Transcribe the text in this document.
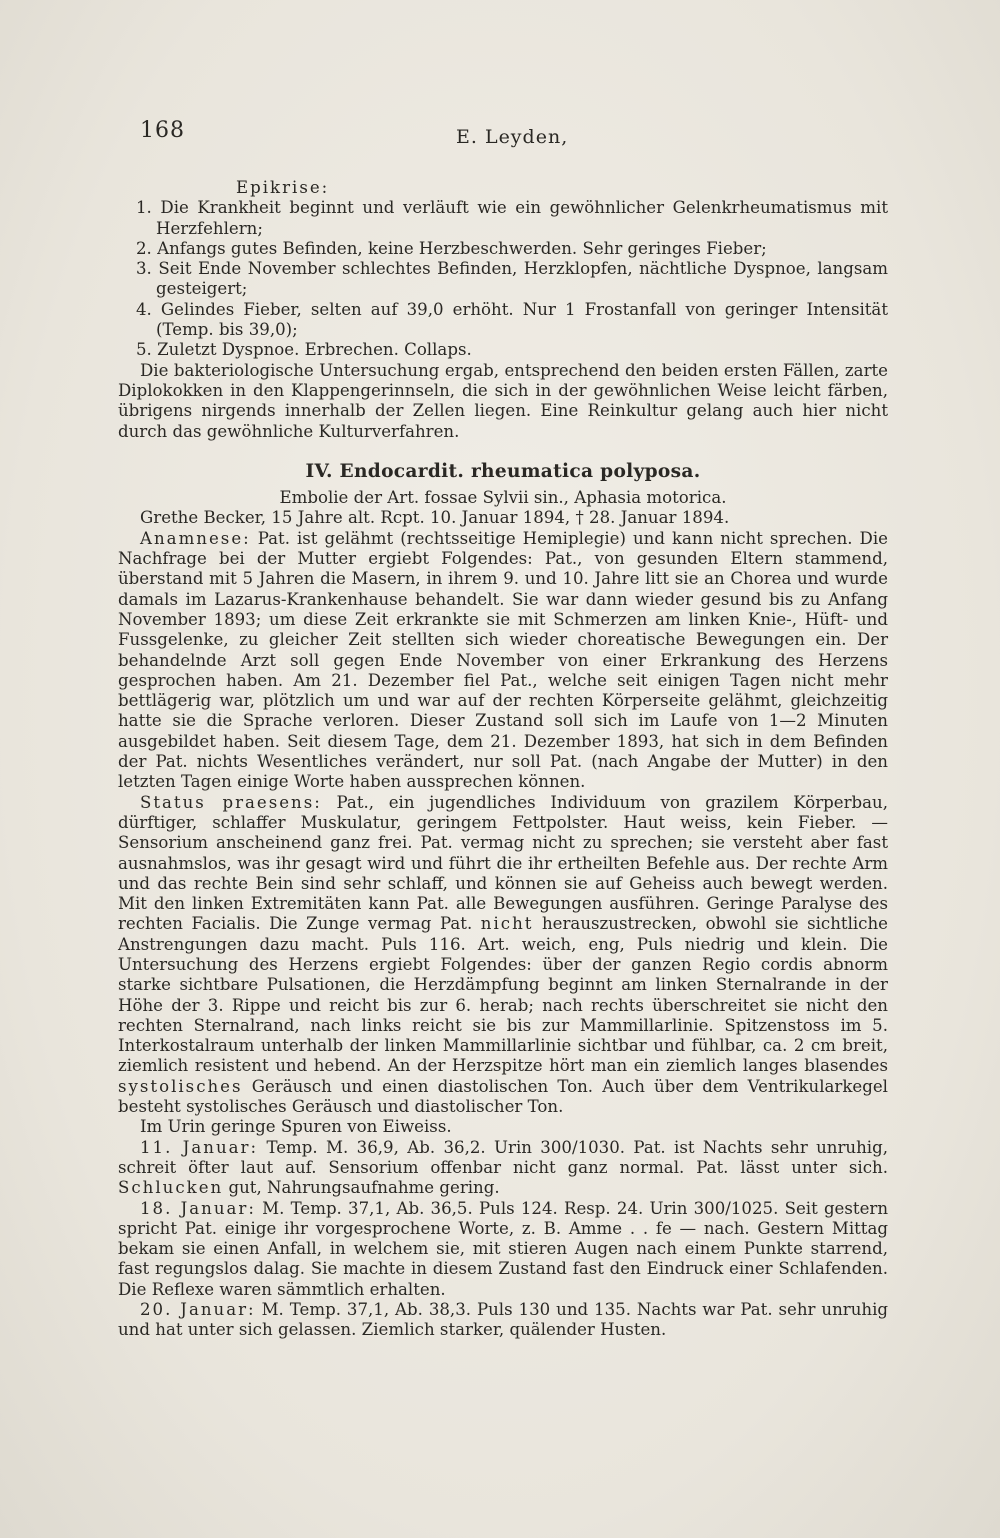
168	E. Leyden,

Epikrise:

1. Die Krankheit beginnt und verläuft wie ein gewöhnlicher Gelenkrheumatismus mit Herzfehlern;

2. Anfangs gutes Befinden, keine Herzbeschwerden. Sehr geringes Fieber;

3. Seit Ende November schlechtes Befinden, Herzklopfen, nächtliche Dyspnoe, langsam gesteigert;

4. Gelindes Fieber, selten auf 39,0 erhöht. Nur 1 Frostanfall von geringer Intensität (Temp. bis 39,0);

5. Zuletzt Dyspnoe. Erbrechen. Collaps.

Die bakteriologische Untersuchung ergab, entsprechend den beiden ersten Fällen, zarte Diplokokken in den Klappengerinnseln, die sich in der gewöhnlichen Weise leicht färben, übrigens nirgends innerhalb der Zellen liegen. Eine Reinkultur gelang auch hier nicht durch das gewöhnliche Kulturverfahren.

IV. Endocardit. rheumatica polyposa.

Embolie der Art. fossae Sylvii sin., Aphasia motorica.

Grethe Becker, 15 Jahre alt. Rcpt. 10. Januar 1894, † 28. Januar 1894.

Anamnese: Pat. ist gelähmt (rechtsseitige Hemiplegie) und kann nicht sprechen. Die Nachfrage bei der Mutter ergiebt Folgendes: Pat., von gesunden Eltern stammend, überstand mit 5 Jahren die Masern, in ihrem 9. und 10. Jahre litt sie an Chorea und wurde damals im Lazarus-Krankenhause behandelt. Sie war dann wieder gesund bis zu Anfang November 1893; um diese Zeit erkrankte sie mit Schmerzen am linken Knie-, Hüft- und Fussgelenke, zu gleicher Zeit stellten sich wieder choreatische Bewegungen ein. Der behandelnde Arzt soll gegen Ende November von einer Erkrankung des Herzens gesprochen haben. Am 21. Dezember fiel Pat., welche seit einigen Tagen nicht mehr bettlägerig war, plötzlich um und war auf der rechten Körperseite gelähmt, gleichzeitig hatte sie die Sprache verloren. Dieser Zustand soll sich im Laufe von 1—2 Minuten ausgebildet haben. Seit diesem Tage, dem 21. Dezember 1893, hat sich in dem Befinden der Pat. nichts Wesentliches verändert, nur soll Pat. (nach Angabe der Mutter) in den letzten Tagen einige Worte haben aussprechen können.

Status praesens: Pat., ein jugendliches Individuum von grazilem Körperbau, dürftiger, schlaffer Muskulatur, geringem Fettpolster. Haut weiss, kein Fieber. — Sensorium anscheinend ganz frei. Pat. vermag nicht zu sprechen; sie versteht aber fast ausnahmslos, was ihr gesagt wird und führt die ihr ertheilten Befehle aus. Der rechte Arm und das rechte Bein sind sehr schlaff, und können sie auf Geheiss auch bewegt werden. Mit den linken Extremitäten kann Pat. alle Bewegungen ausführen. Geringe Paralyse des rechten Facialis. Die Zunge vermag Pat. nicht herauszustrecken, obwohl sie sichtliche Anstrengungen dazu macht. Puls 116. Art. weich, eng, Puls niedrig und klein. Die Untersuchung des Herzens ergiebt Folgendes: über der ganzen Regio cordis abnorm starke sichtbare Pulsationen, die Herzdämpfung beginnt am linken Sternalrande in der Höhe der 3. Rippe und reicht bis zur 6. herab; nach rechts überschreitet sie nicht den rechten Sternalrand, nach links reicht sie bis zur Mammillarlinie. Spitzenstoss im 5. Interkostalraum unterhalb der linken Mammillarlinie sichtbar und fühlbar, ca. 2 cm breit, ziemlich resistent und hebend. An der Herzspitze hört man ein ziemlich langes blasendes systolisches Geräusch und einen diastolischen Ton. Auch über dem Ventrikularkegel besteht systolisches Geräusch und diastolischer Ton.

Im Urin geringe Spuren von Eiweiss.

11. Januar: Temp. M. 36,9, Ab. 36,2. Urin 300/1030. Pat. ist Nachts sehr unruhig, schreit öfter laut auf. Sensorium offenbar nicht ganz normal. Pat. lässt unter sich. Schlucken gut, Nahrungsaufnahme gering.

18. Januar: M. Temp. 37,1, Ab. 36,5. Puls 124. Resp. 24. Urin 300/1025. Seit gestern spricht Pat. einige ihr vorgesprochene Worte, z. B. Amme . . fe — nach. Gestern Mittag bekam sie einen Anfall, in welchem sie, mit stieren Augen nach einem Punkte starrend, fast regungslos dalag. Sie machte in diesem Zustand fast den Eindruck einer Schlafenden. Die Reflexe waren sämmtlich erhalten.

20. Januar: M. Temp. 37,1, Ab. 38,3. Puls 130 und 135. Nachts war Pat. sehr unruhig und hat unter sich gelassen. Ziemlich starker, quälender Husten.
